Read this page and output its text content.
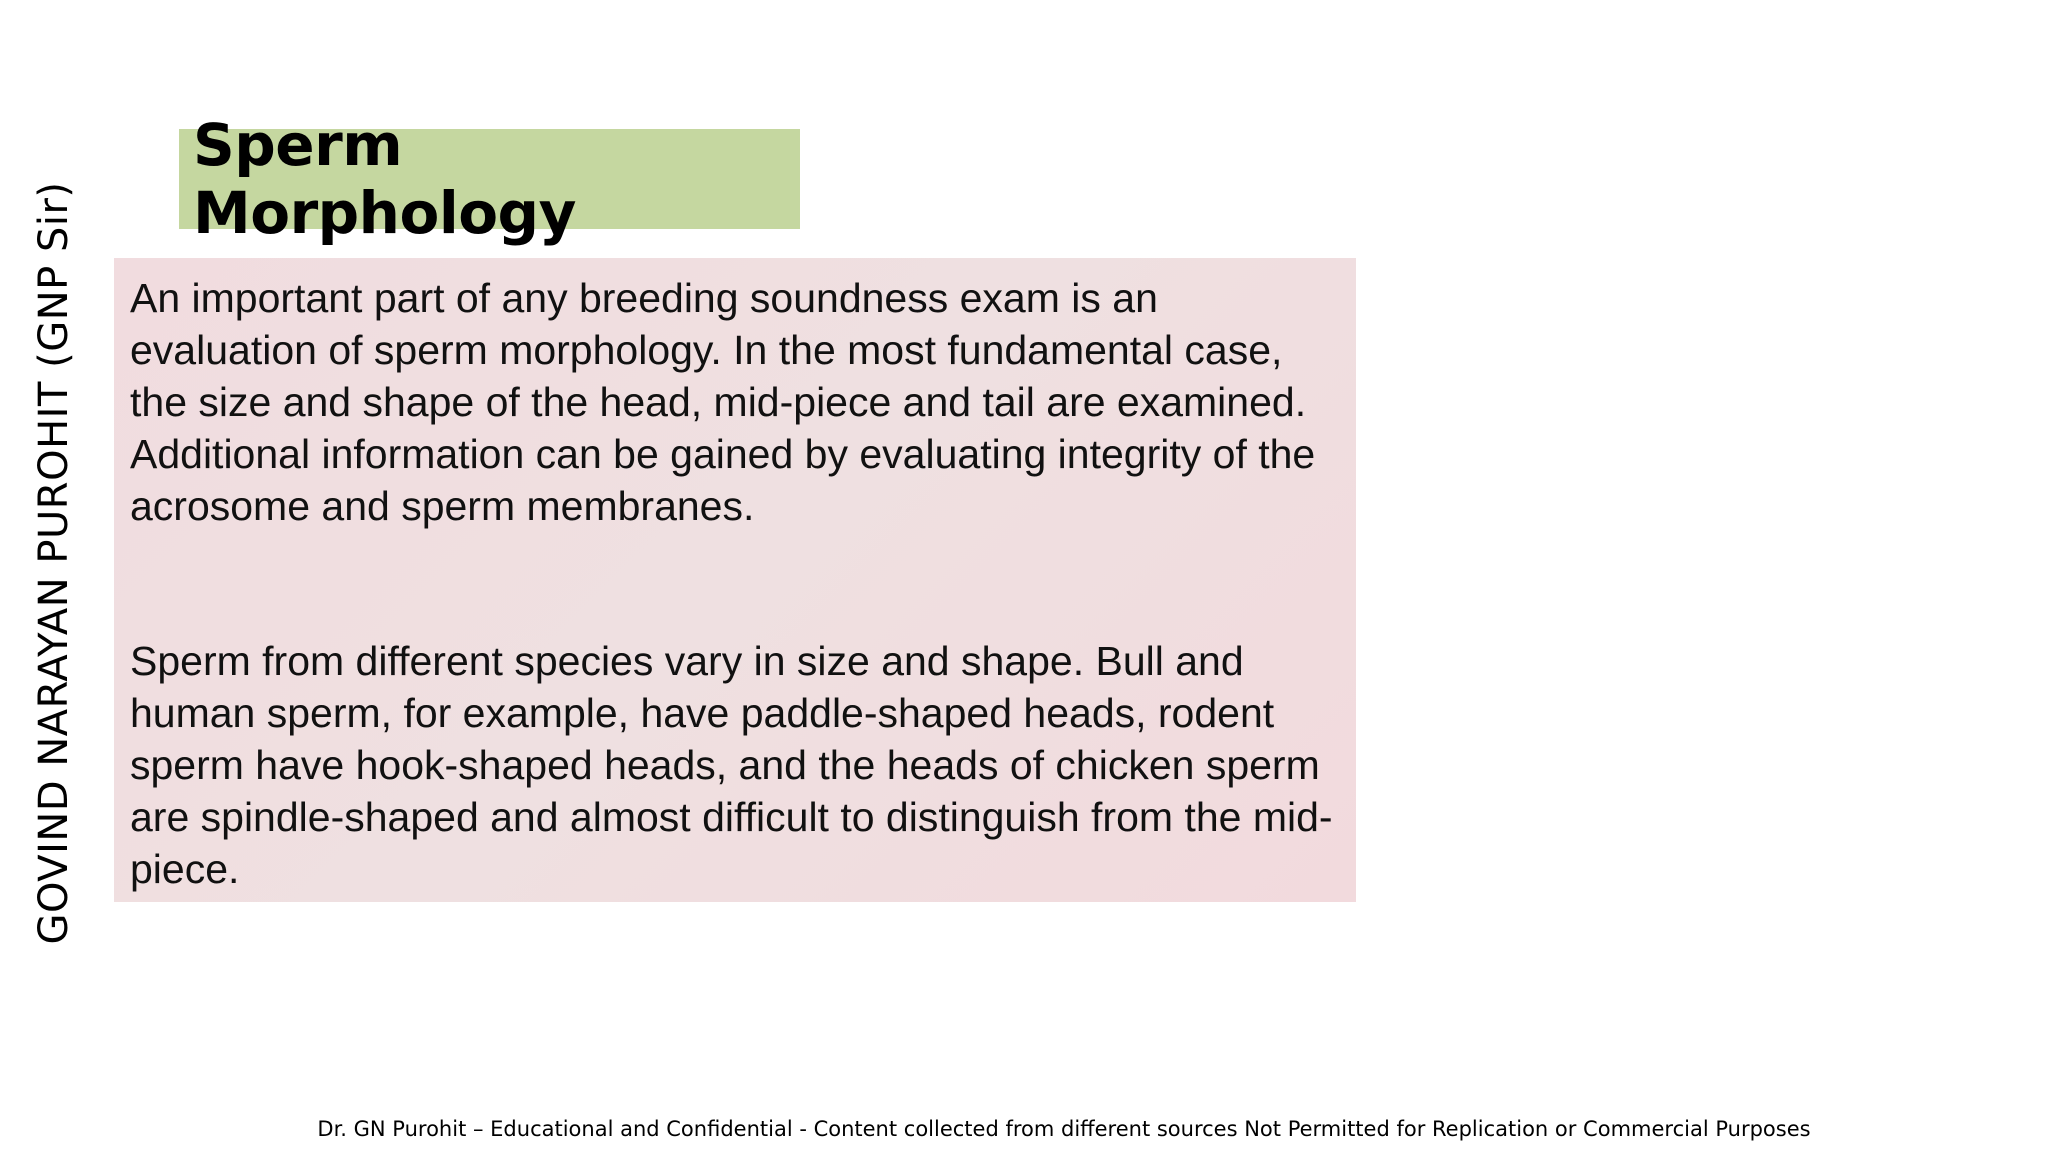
GOVIND NARAYAN PUROHIT (GNP Sir)
Sperm Morphology

An important part of any breeding soundness exam is an evaluation of sperm morphology. In the most fundamental case, the size and shape of the head, mid-piece and tail are examined. Additional information can be gained by evaluating integrity of the acrosome and sperm membranes.

Sperm from different species vary in size and shape. Bull and human sperm, for example, have paddle-shaped heads, rodent sperm have hook-shaped heads, and the heads of chicken sperm are spindle-shaped and almost difficult to distinguish from the mid-piece.

Dr. GN Purohit – Educational and Confidential - Content collected from different sources Not Permitted for Replication or Commercial Purposes
